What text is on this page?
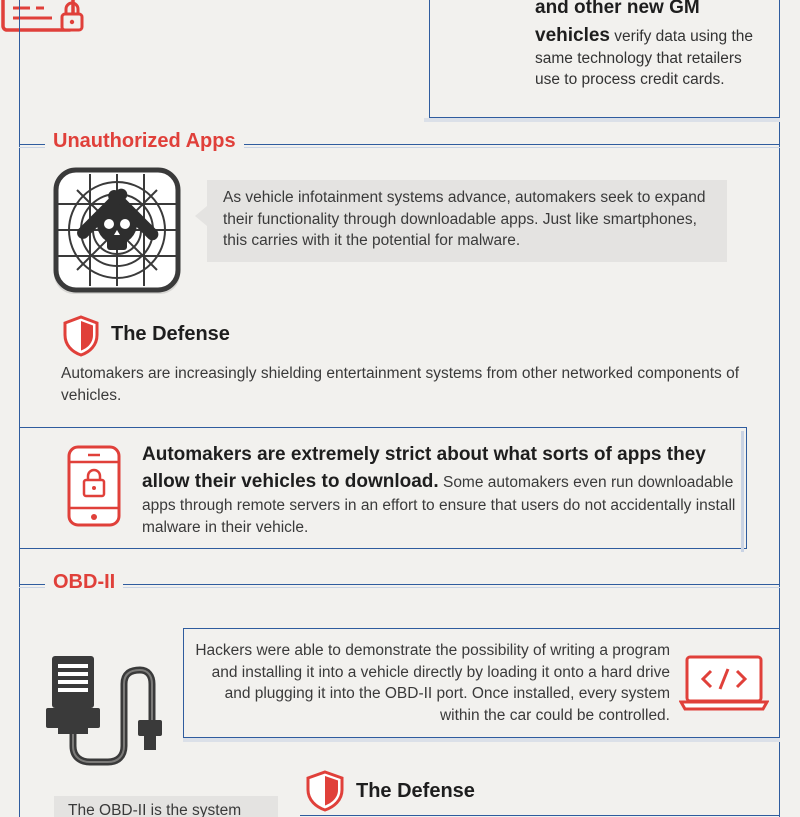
and other new GM
vehicles verify data using the same technology that retailers use to process credit cards.
Unauthorized Apps
As vehicle infotainment systems advance, automakers seek to expand their functionality through downloadable apps. Just like smartphones, this carries with it the potential for malware.
The Defense
Automakers are increasingly shielding entertainment systems from other networked components of vehicles.
Automakers are extremely strict about what sorts of apps they allow their vehicles to download. Some automakers even run downloadable apps through remote servers in an effort to ensure that users do not accidentally install malware in their vehicle.
OBD-II
Hackers were able to demonstrate the possibility of writing a program and installing it into a vehicle directly by loading it onto a hard drive and plugging it into the OBD-II port. Once installed, every system within the car could be controlled.
The Defense
The OBD-II is the system
